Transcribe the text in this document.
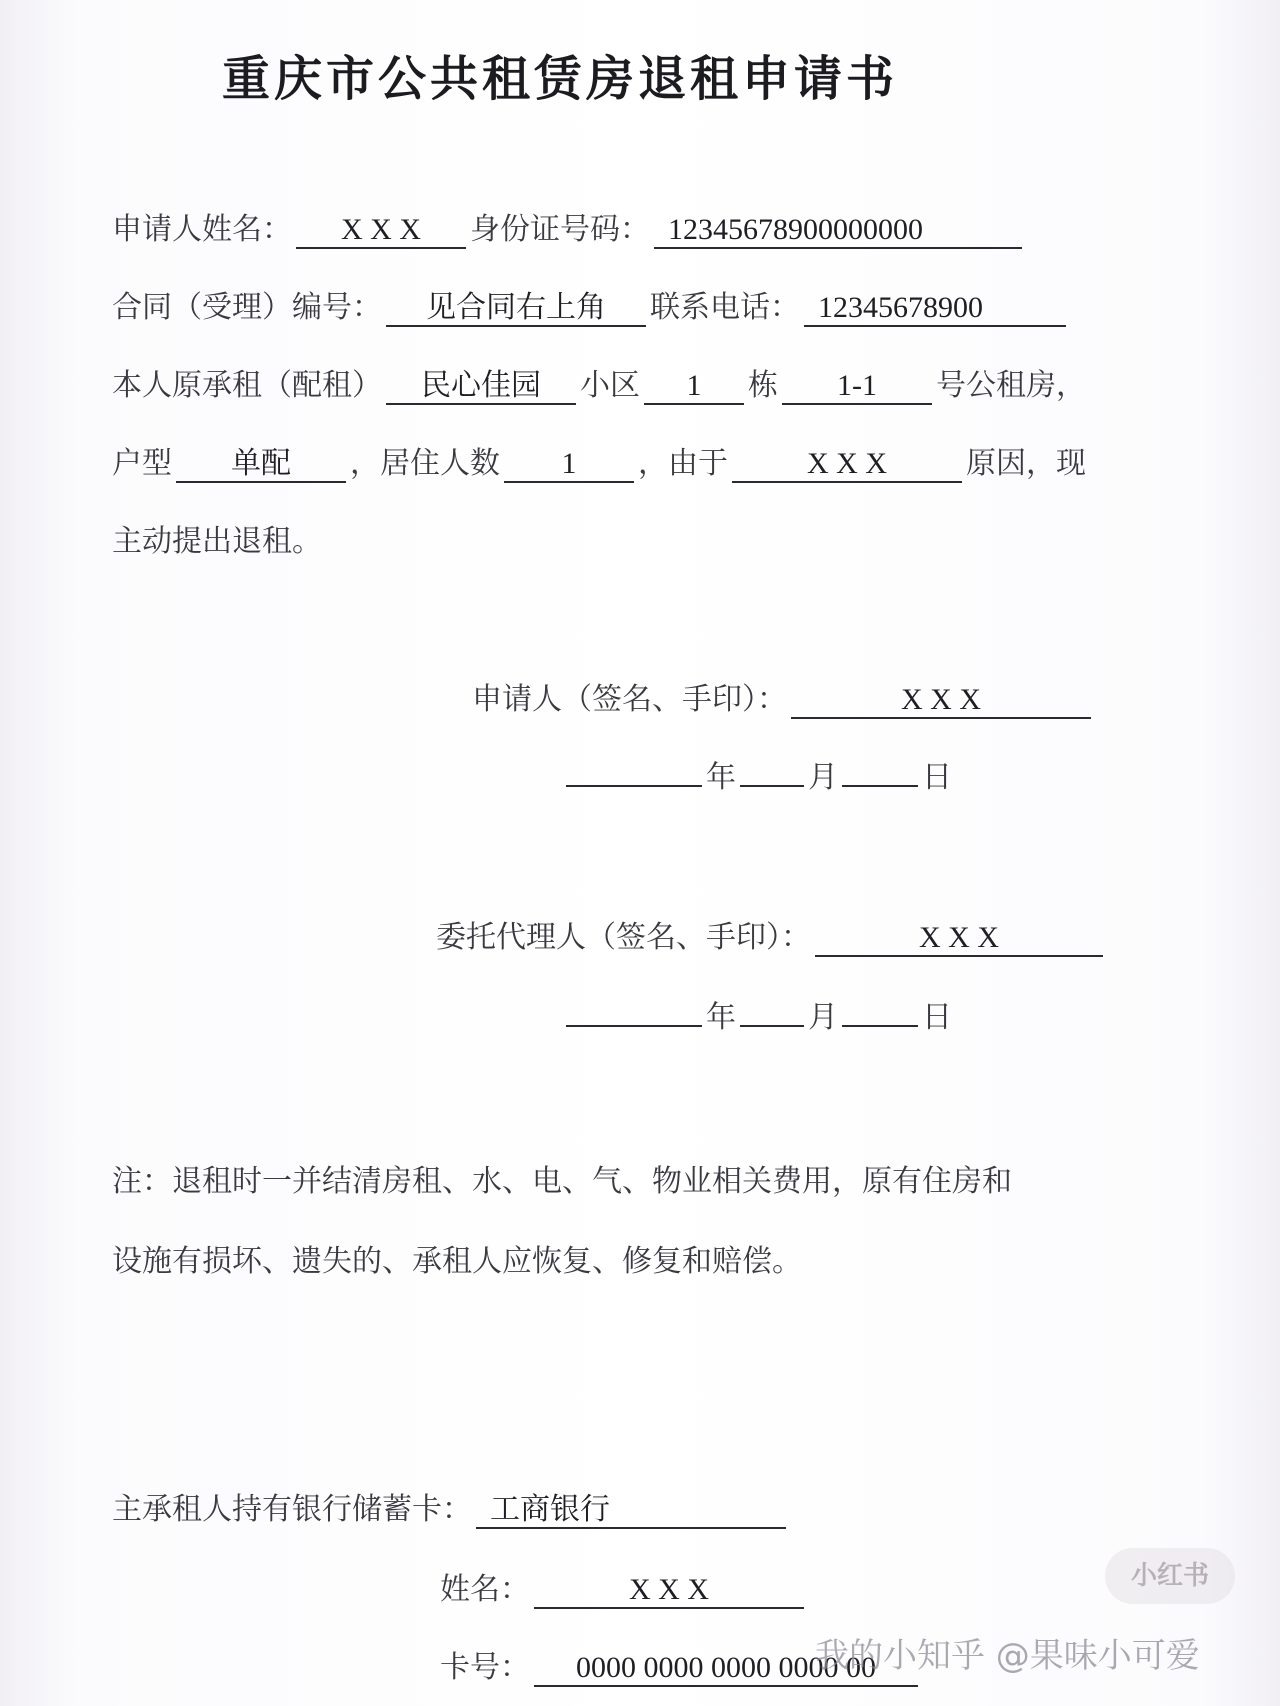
重庆市公共租赁房退租申请书
申请人姓名： X X X 身份证号码： 12345678900000000
合同（受理）编号： 见合同右上角 联系电话： 12345678900
本人原承租（配租） 民心佳园 小区 1 栋 1-1 号公租房，
户型 单配 ，居住人数 1 ，由于	X X X	原因，现
主动提出退租。
申请人（签名、手印）：	X X X
年 月	日
委托代理人（签名、手印）：	X X X
年 月	日
注：退租时一并结清房租、水、电、气、物业相关费用，原有住房和
设施有损坏、遗失的、承租人应恢复、修复和赔偿。
主承租人持有银行储蓄卡： 工商银行
姓名：	X X X
卡号： 0000 0000 0000 0000 00
小红书
我的小知乎 @果味小可爱
